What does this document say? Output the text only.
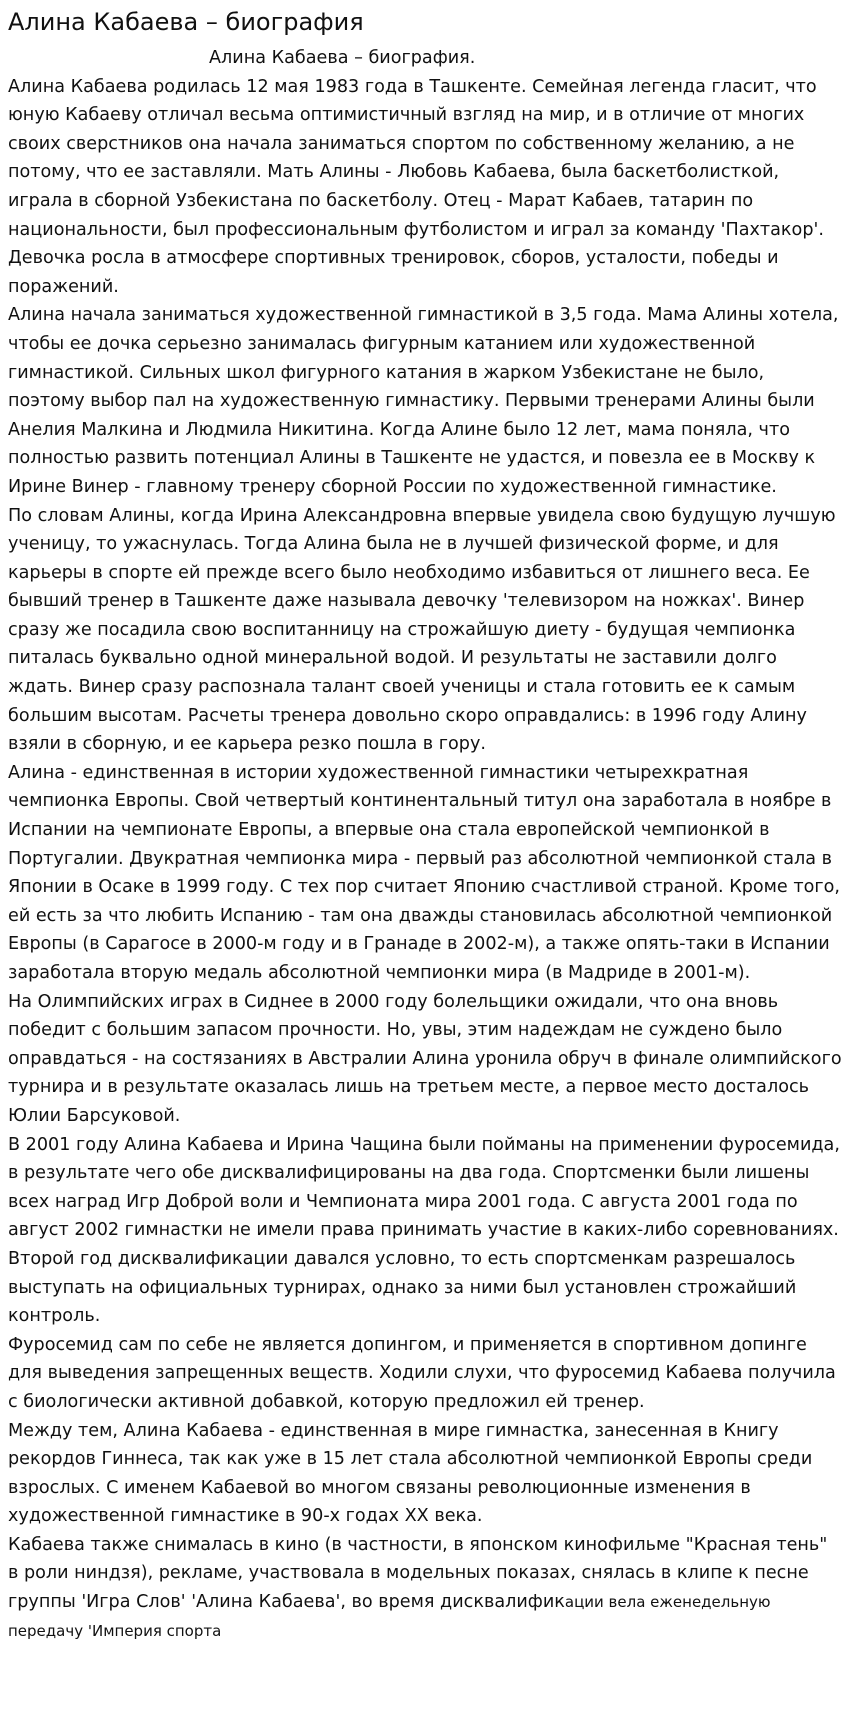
Алина Кабаева – биография

Алина Кабаева – биография.

Алина Кабаева родилась 12 мая 1983 года в Ташкенте. Семейная легенда гласит, что юную Кабаеву отличал весьма оптимистичный взгляд на мир, и в отличие от многих своих сверстников она начала заниматься спортом по собственному желанию, а не потому, что ее заставляли. Мать Алины - Любовь Кабаева, была баскетболисткой, играла в сборной Узбекистана по баскетболу. Отец - Марат Кабаев, татарин по национальности, был профессиональным футболистом и играл за команду 'Пахтакор'. Девочка росла в атмосфере спортивных тренировок, сборов, усталости, победы и поражений.

Алина начала заниматься художественной гимнастикой в 3,5 года. Мама Алины хотела, чтобы ее дочка серьезно занималась фигурным катанием или художественной гимнастикой. Сильных школ фигурного катания в жарком Узбекистане не было, поэтому выбор пал на художественную гимнастику. Первыми тренерами Алины были Анелия Малкина и Людмила Никитина. Когда Алине было 12 лет, мама поняла, что полностью развить потенциал Алины в Ташкенте не удастся, и повезла ее в Москву к Ирине Винер - главному тренеру сборной России по художественной гимнастике.

По словам Алины, когда Ирина Александровна впервые увидела свою будущую лучшую ученицу, то ужаснулась. Тогда Алина была не в лучшей физической форме, и для карьеры в спорте ей прежде всего было необходимо избавиться от лишнего веса. Ее бывший тренер в Ташкенте даже называла девочку 'телевизором на ножках'. Винер сразу же посадила свою воспитанницу на строжайшую диету - будущая чемпионка питалась буквально одной минеральной водой. И результаты не заставили долго ждать. Винер сразу распознала талант своей ученицы и стала готовить ее к самым большим высотам. Расчеты тренера довольно скоро оправдались: в 1996 году Алину взяли в сборную, и ее карьера резко пошла в гору.

Алина - единственная в истории художественной гимнастики четырехкратная чемпионка Европы. Свой четвертый континентальный титул она заработала в ноябре в Испании на чемпионате Европы, а впервые она стала европейской чемпионкой в Португалии. Двукратная чемпионка мира - первый раз абсолютной чемпионкой стала в Японии в Осаке в 1999 году. С тех пор считает Японию счастливой страной. Кроме того, ей есть за что любить Испанию - там она дважды становилась абсолютной чемпионкой Европы (в Сарагосе в 2000-м году и в Гранаде в 2002-м), а также опять-таки в Испании заработала вторую медаль абсолютной чемпионки мира (в Мадриде в 2001-м).

На Олимпийских играх в Сиднее в 2000 году болельщики ожидали, что она вновь победит с большим запасом прочности. Но, увы, этим надеждам не суждено было оправдаться - на состязаниях в Австралии Алина уронила обруч в финале олимпийского турнира и в результате оказалась лишь на третьем месте, а первое место досталось Юлии Барсуковой.

В 2001 году Алина Кабаева и Ирина Чащина были пойманы на применении фуросемида, в результате чего обе дисквалифицированы на два года. Спортсменки были лишены всех наград Игр Доброй воли и Чемпионата мира 2001 года. С августа 2001 года по август 2002 гимнастки не имели права принимать участие в каких-либо соревнованиях. Второй год дисквалификации давался условно, то есть спортсменкам разрешалось выступать на официальных турнирах, однако за ними был установлен строжайший контроль.

Фуросемид сам по себе не является допингом, и применяется в спортивном допинге для выведения запрещенных веществ. Ходили слухи, что фуросемид Кабаева получила с биологически активной добавкой, которую предложил ей тренер.

Между тем, Алина Кабаева - единственная в мире гимнастка, занесенная в Книгу рекордов Гиннеса, так как уже в 15 лет стала абсолютной чемпионкой Европы среди взрослых. С именем Кабаевой во многом связаны революционные изменения в художественной гимнастике в 90-х годах XX века.

Кабаева также снималась в кино (в частности, в японском кинофильме "Красная тень" в роли ниндзя), рекламе, участвовала в модельных показах, снялась в клипе к песне группы 'Игра Слов' 'Алина Кабаева', во время дисквалификации вела еженедельную передачу 'Империя спорта
